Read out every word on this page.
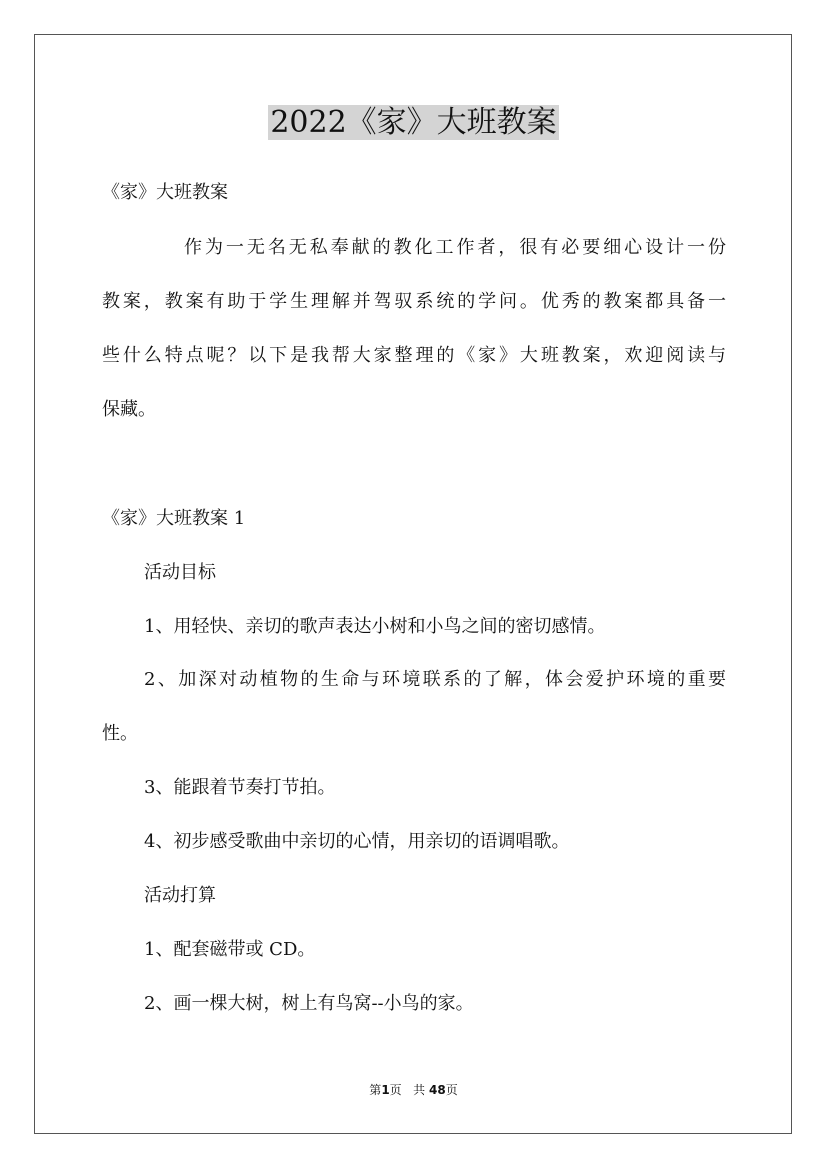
2022《家》大班教案

《家》大班教案

作为一无名无私奉献的教化工作者，很有必要细心设计一份

教案，教案有助于学生理解并驾驭系统的学问。优秀的教案都具备一

些什么特点呢？以下是我帮大家整理的《家》大班教案，欢迎阅读与

保藏。

《家》大班教案 1

活动目标

1、用轻快、亲切的歌声表达小树和小鸟之间的密切感情。

2、加深对动植物的生命与环境联系的了解，体会爱护环境的重要

性。

3、能跟着节奏打节拍。

4、初步感受歌曲中亲切的心情，用亲切的语调唱歌。

活动打算

1、配套磁带或 CD。

2、画一棵大树，树上有鸟窝--小鸟的家。

第1页 共 48页
